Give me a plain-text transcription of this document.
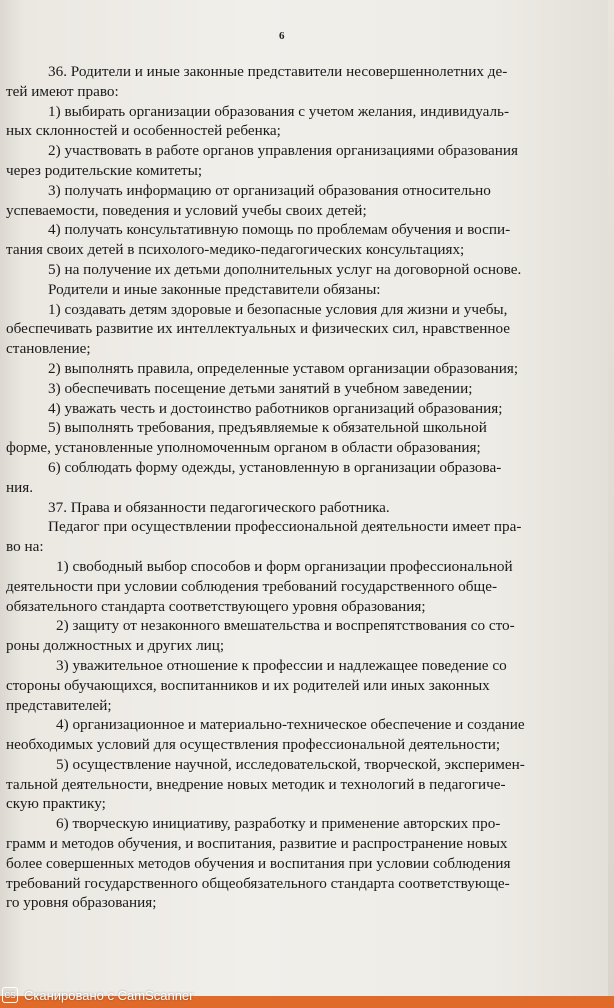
6
36. Родители и иные законные представители несовершеннолетних де-
тей имеют право:
1) выбирать организации образования с учетом желания, индивидуаль-
ных склонностей и особенностей ребенка;
2) участвовать в работе органов управления организациями образования
через родительские комитеты;
3) получать информацию от организаций образования относительно
успеваемости, поведения и условий учебы своих детей;
4) получать консультативную помощь по проблемам обучения и воспи-
тания своих детей в психолого-медико-педагогических консультациях;
5) на получение их детьми дополнительных услуг на договорной основе.
Родители и иные законные представители обязаны:
1) создавать детям здоровые и безопасные условия для жизни и учебы,
обеспечивать развитие их интеллектуальных и физических сил, нравственное
становление;
2) выполнять правила, определенные уставом организации образования;
3) обеспечивать посещение детьми занятий в учебном заведении;
4) уважать честь и достоинство работников организаций образования;
5) выполнять требования, предъявляемые к обязательной школьной
форме, установленные уполномоченным органом в области образования;
6) соблюдать форму одежды, установленную в организации образова-
ния.
37. Права и обязанности педагогического работника.
Педагог при осуществлении профессиональной деятельности имеет пра-
во на:
1) свободный выбор способов и форм организации профессиональной
деятельности при условии соблюдения требований государственного обще-
обязательного стандарта соответствующего уровня образования;
2) защиту от незаконного вмешательства и воспрепятствования со сто-
роны должностных и других лиц;
3) уважительное отношение к профессии и надлежащее поведение со
стороны обучающихся, воспитанников и их родителей или иных законных
представителей;
4) организационное и материально-техническое обеспечение и создание
необходимых условий для осуществления профессиональной деятельности;
5) осуществление научной, исследовательской, творческой, эксперимен-
тальной деятельности, внедрение новых методик и технологий в педагогиче-
скую практику;
6) творческую инициативу, разработку и применение авторских про-
грамм и методов обучения, и воспитания, развитие и распространение новых
более совершенных методов обучения и воспитания при условии соблюдения
требований государственного общеобязательного стандарта соответствующе-
го уровня образования;
CS Сканировано с CamScanner
